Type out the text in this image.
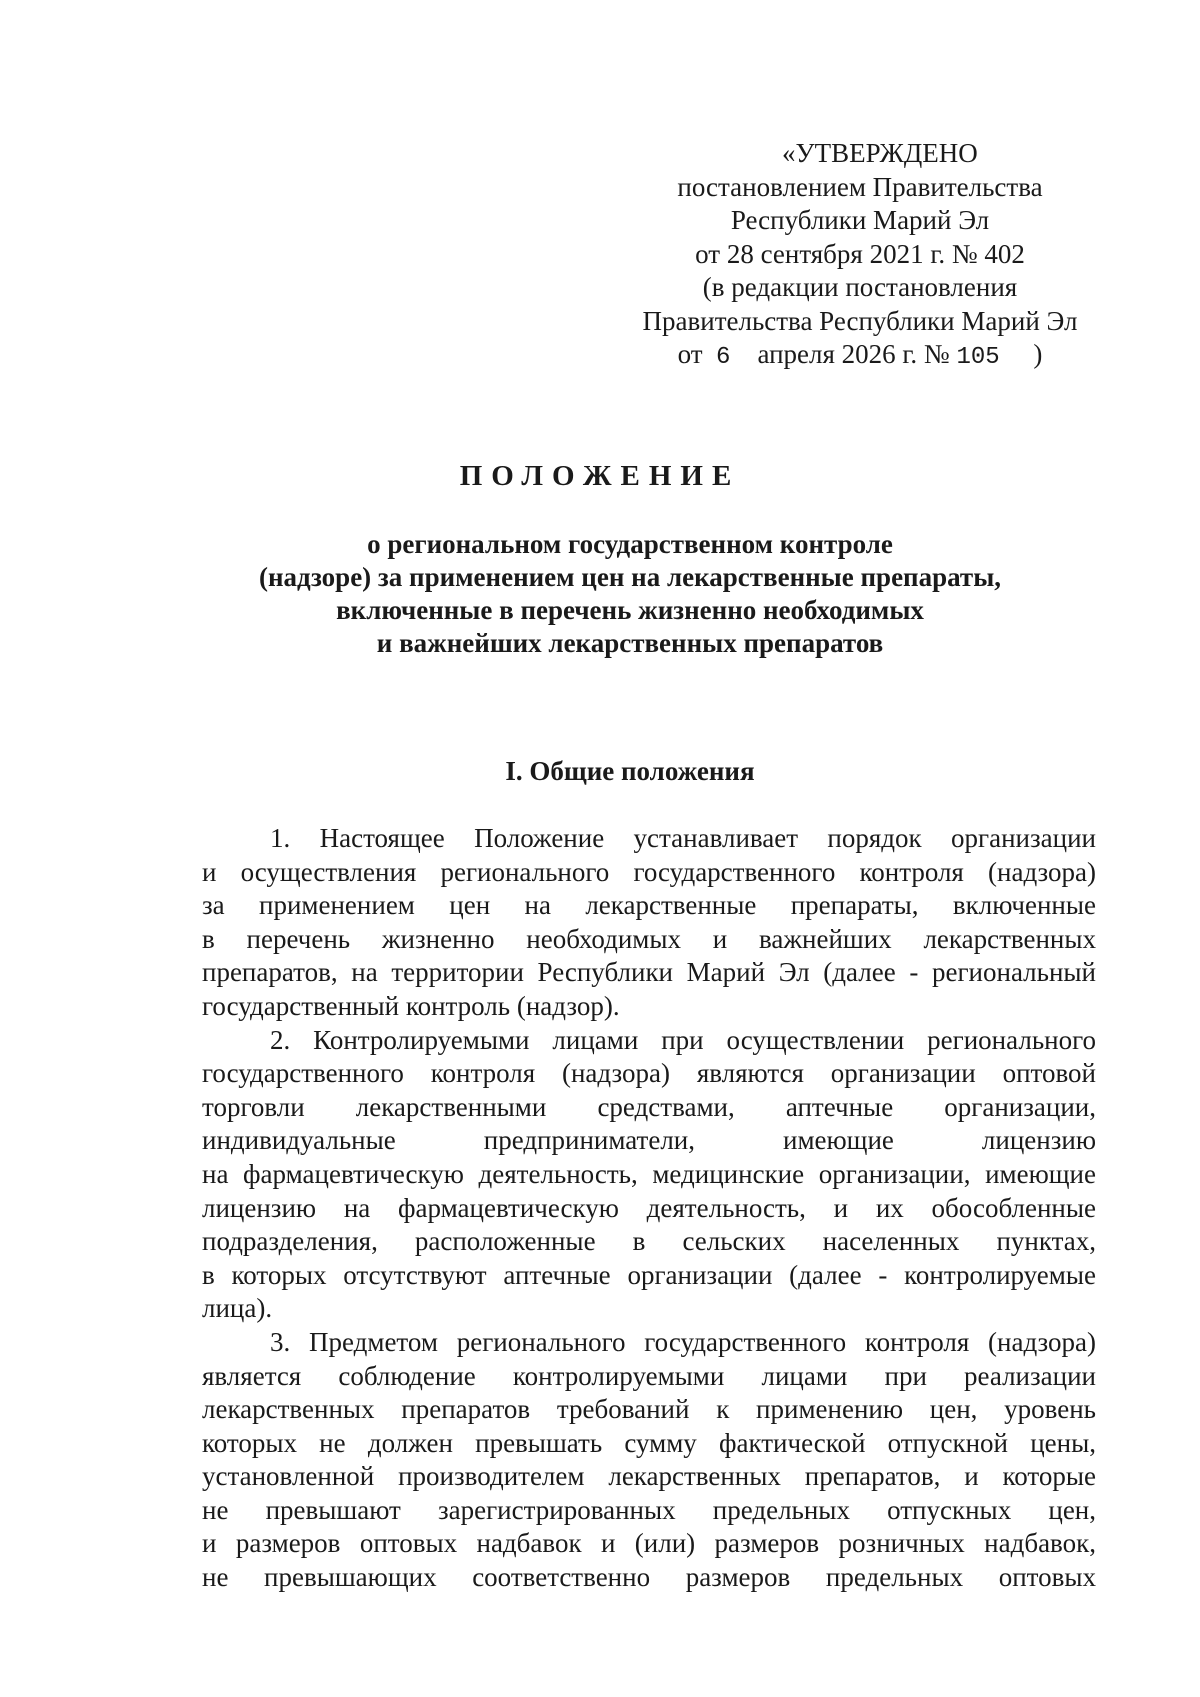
«УТВЕРЖДЕНО
постановлением Правительства
Республики Марий Эл
от 28 сентября 2021 г. № 402
(в редакции постановления
Правительства Республики Марий Эл
от 6 апреля 2026 г. № 105 )
ПОЛОЖЕНИЕ
о региональном государственном контроле
(надзоре) за применением цен на лекарственные препараты,
включенные в перечень жизненно необходимых
и важнейших лекарственных препаратов
I. Общие положения

1. Настоящее Положение устанавливает порядок организации
и осуществления регионального государственного контроля (надзора)
за применением цен на лекарственные препараты, включенные
в перечень жизненно необходимых и важнейших лекарственных
препаратов, на территории Республики Марий Эл (далее - региональный
государственный контроль (надзор).

2. Контролируемыми лицами при осуществлении регионального
государственного контроля (надзора) являются организации оптовой
торговли лекарственными средствами, аптечные организации,
индивидуальные предприниматели, имеющие лицензию
на фармацевтическую деятельность, медицинские организации, имеющие
лицензию на фармацевтическую деятельность, и их обособленные
подразделения, расположенные в сельских населенных пунктах,
в которых отсутствуют аптечные организации (далее - контролируемые
лица).

3. Предметом регионального государственного контроля (надзора)
является соблюдение контролируемыми лицами при реализации
лекарственных препаратов требований к применению цен, уровень
которых не должен превышать сумму фактической отпускной цены,
установленной производителем лекарственных препаратов, и которые
не превышают зарегистрированных предельных отпускных цен,
и размеров оптовых надбавок и (или) размеров розничных надбавок,
не превышающих соответственно размеров предельных оптовых
